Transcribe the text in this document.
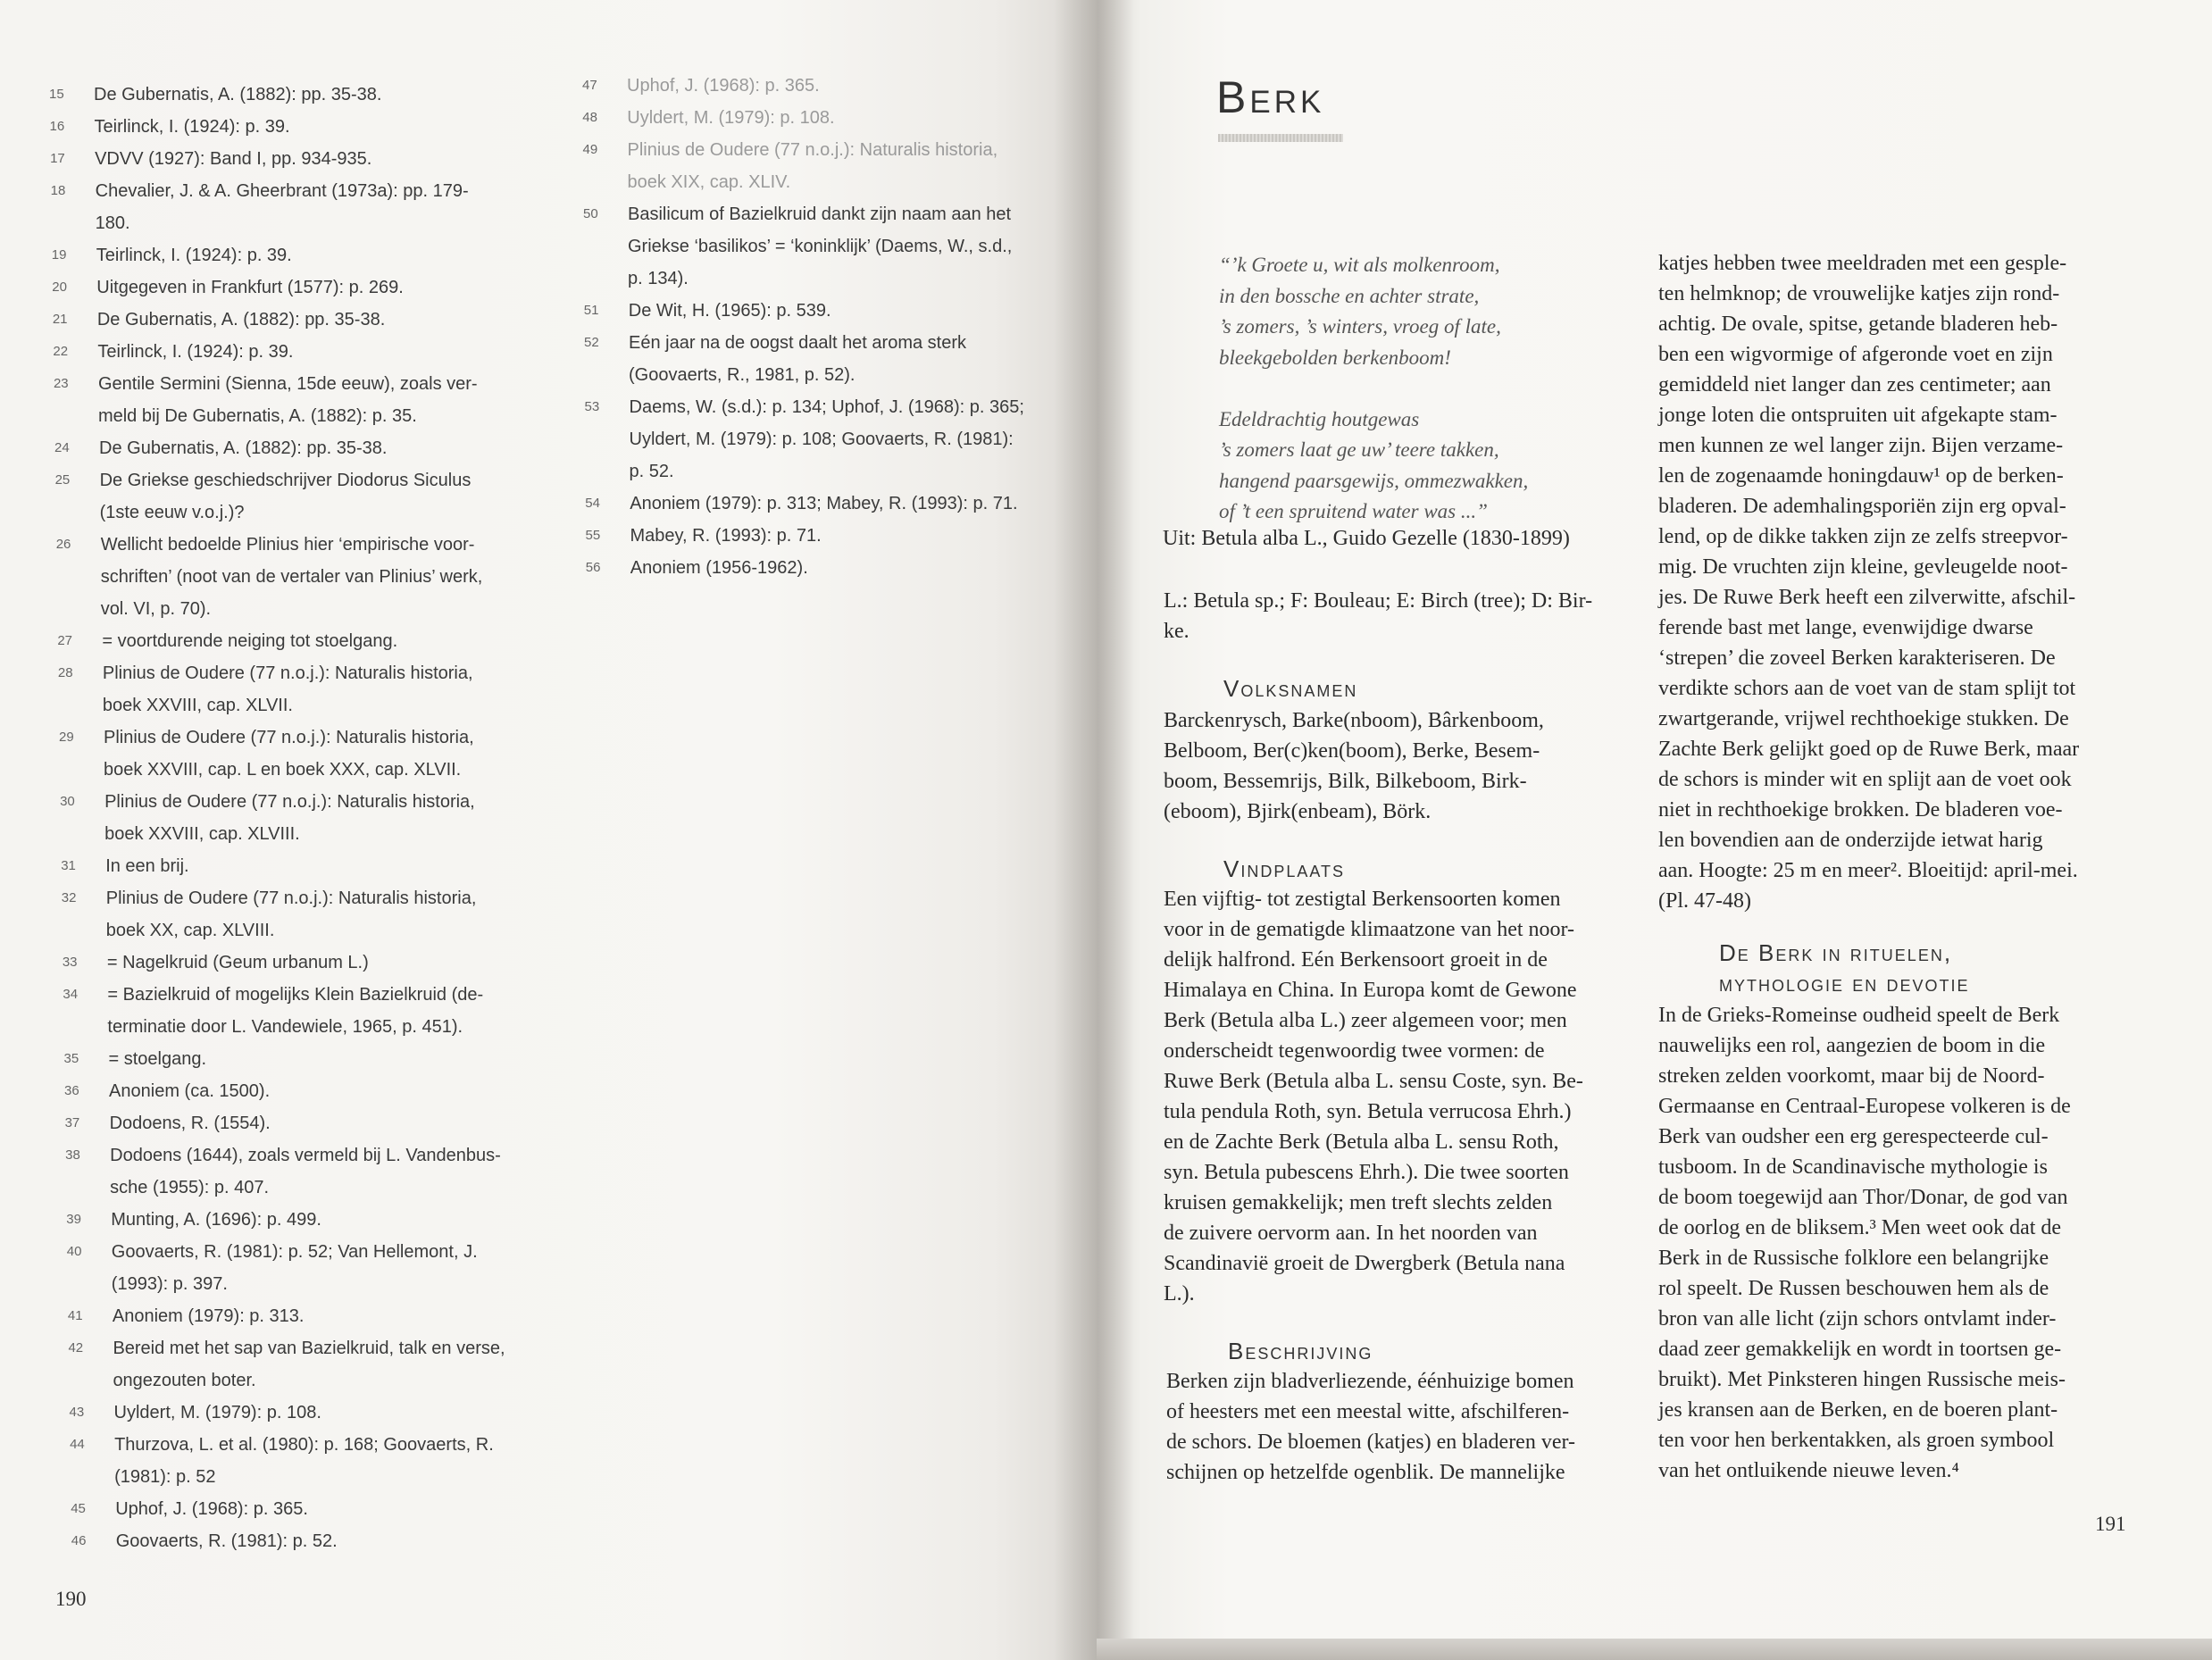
15 De Gubernatis, A. (1882): pp. 35-38.
16 Teirlinck, I. (1924): p. 39.
17 VDVV (1927): Band I, pp. 934-935.
18 Chevalier, J. & A. Gheerbrant (1973a): pp. 179-
180.
19 Teirlinck, I. (1924): p. 39.
20 Uitgegeven in Frankfurt (1577): p. 269.
21 De Gubernatis, A. (1882): pp. 35-38.
22 Teirlinck, I. (1924): p. 39.
23 Gentile Sermini (Sienna, 15de eeuw), zoals ver-
meld bij De Gubernatis, A. (1882): p. 35.
24 De Gubernatis, A. (1882): pp. 35-38.
25 De Griekse geschiedschrijver Diodorus Siculus
(1ste eeuw v.o.j.)?
26 Wellicht bedoelde Plinius hier ‘empirische voor-
schriften’ (noot van de vertaler van Plinius’ werk,
vol. VI, p. 70).
27 = voortdurende neiging tot stoelgang.
28 Plinius de Oudere (77 n.o.j.): Naturalis historia,
boek XXVIII, cap. XLVII.
29 Plinius de Oudere (77 n.o.j.): Naturalis historia,
boek XXVIII, cap. L en boek XXX, cap. XLVII.
30 Plinius de Oudere (77 n.o.j.): Naturalis historia,
boek XXVIII, cap. XLVIII.
31 In een brij.
32 Plinius de Oudere (77 n.o.j.): Naturalis historia,
boek XX, cap. XLVIII.
33 = Nagelkruid (Geum urbanum L.)
34 = Bazielkruid of mogelijks Klein Bazielkruid (de-
terminatie door L. Vandewiele, 1965, p. 451).
35 = stoelgang.
36 Anoniem (ca. 1500).
37 Dodoens, R. (1554).
38 Dodoens (1644), zoals vermeld bij L. Vandenbus-
sche (1955): p. 407.
39 Munting, A. (1696): p. 499.
40 Goovaerts, R. (1981): p. 52; Van Hellemont, J.
(1993): p. 397.
41 Anoniem (1979): p. 313.
42 Bereid met het sap van Bazielkruid, talk en verse,
ongezouten boter.
43 Uyldert, M. (1979): p. 108.
44 Thurzova, L. et al. (1980): p. 168; Goovaerts, R.
(1981): p. 52
45 Uphof, J. (1968): p. 365.
46 Goovaerts, R. (1981): p. 52.
47 Uphof, J. (1968): p. 365.
48 Uyldert, M. (1979): p. 108.
49 Plinius de Oudere (77 n.o.j.): Naturalis historia,
boek XIX, cap. XLIV.
50 Basilicum of Bazielkruid dankt zijn naam aan het
Griekse ‘basilikos’ = ‘koninklijk’ (Daems, W., s.d.,
p. 134).
51 De Wit, H. (1965): p. 539.
52 Eén jaar na de oogst daalt het aroma sterk
(Goovaerts, R., 1981, p. 52).
53 Daems, W. (s.d.): p. 134; Uphof, J. (1968): p. 365;
Uyldert, M. (1979): p. 108; Goovaerts, R. (1981):
p. 52.
54 Anoniem (1979): p. 313; Mabey, R. (1993): p. 71.
55 Mabey, R. (1993): p. 71.
56 Anoniem (1956-1962).
190
Berk
“’k Groete u, wit als molkenroom,
in den bossche en achter strate,
’s zomers, ’s winters, vroeg of late,
bleekgebolden berkenboom!
Edeldrachtig houtgewas
’s zomers laat ge uw’ teere takken,
hangend paarsgewijs, ommezwakken,
of ’t een spruitend water was ...”
Uit: Betula alba L., Guido Gezelle (1830-1899)
L.: Betula sp.; F: Bouleau; E: Birch (tree); D: Bir-
ke.
Volksnamen
Barckenrysch, Barke(nboom), Bârkenboom,
Belboom, Ber(c)ken(boom), Berke, Besem-
boom, Bessemrijs, Bilk, Bilkeboom, Birk-
(eboom), Bjirk(enbeam), Börk.
Vindplaats
Een vijftig- tot zestigtal Berkensoorten komen
voor in de gematigde klimaatzone van het noor-
delijk halfrond. Eén Berkensoort groeit in de
Himalaya en China. In Europa komt de Gewone
Berk (Betula alba L.) zeer algemeen voor; men
onderscheidt tegenwoordig twee vormen: de
Ruwe Berk (Betula alba L. sensu Coste, syn. Be-
tula pendula Roth, syn. Betula verrucosa Ehrh.)
en de Zachte Berk (Betula alba L. sensu Roth,
syn. Betula pubescens Ehrh.). Die twee soorten
kruisen gemakkelijk; men treft slechts zelden
de zuivere oervorm aan. In het noorden van
Scandinavië groeit de Dwergberk (Betula nana
L.).
Beschrijving
Berken zijn bladverliezende, éénhuizige bomen
of heesters met een meestal witte, afschilferen-
de schors. De bloemen (katjes) en bladeren ver-
schijnen op hetzelfde ogenblik. De mannelijke
katjes hebben twee meeldraden met een gesple-
ten helmknop; de vrouwelijke katjes zijn rond-
achtig. De ovale, spitse, getande bladeren heb-
ben een wigvormige of afgeronde voet en zijn
gemiddeld niet langer dan zes centimeter; aan
jonge loten die ontspruiten uit afgekapte stam-
men kunnen ze wel langer zijn. Bijen verzame-
len de zogenaamde honingdauw¹ op de berken-
bladeren. De ademhalingsporiën zijn erg opval-
lend, op de dikke takken zijn ze zelfs streepvor-
mig. De vruchten zijn kleine, gevleugelde noot-
jes. De Ruwe Berk heeft een zilverwitte, afschil-
ferende bast met lange, evenwijdige dwarse
‘strepen’ die zoveel Berken karakteriseren. De
verdikte schors aan de voet van de stam splijt tot
zwartgerande, vrijwel rechthoekige stukken. De
Zachte Berk gelijkt goed op de Ruwe Berk, maar
de schors is minder wit en splijt aan de voet ook
niet in rechthoekige brokken. De bladeren voe-
len bovendien aan de onderzijde ietwat harig
aan. Hoogte: 25 m en meer². Bloeitijd: april-mei.
(Pl. 47-48)
De Berk in rituelen,
mythologie en devotie
In de Grieks-Romeinse oudheid speelt de Berk
nauwelijks een rol, aangezien de boom in die
streken zelden voorkomt, maar bij de Noord-
Germaanse en Centraal-Europese volkeren is de
Berk van oudsher een erg gerespecteerde cul-
tusboom. In de Scandinavische mythologie is
de boom toegewijd aan Thor/Donar, de god van
de oorlog en de bliksem.³ Men weet ook dat de
Berk in de Russische folklore een belangrijke
rol speelt. De Russen beschouwen hem als de
bron van alle licht (zijn schors ontvlamt inder-
daad zeer gemakkelijk en wordt in toortsen ge-
bruikt). Met Pinksteren hingen Russische meis-
jes kransen aan de Berken, en de boeren plant-
ten voor hen berkentakken, als groen symbool
van het ontluikende nieuwe leven.⁴
191
